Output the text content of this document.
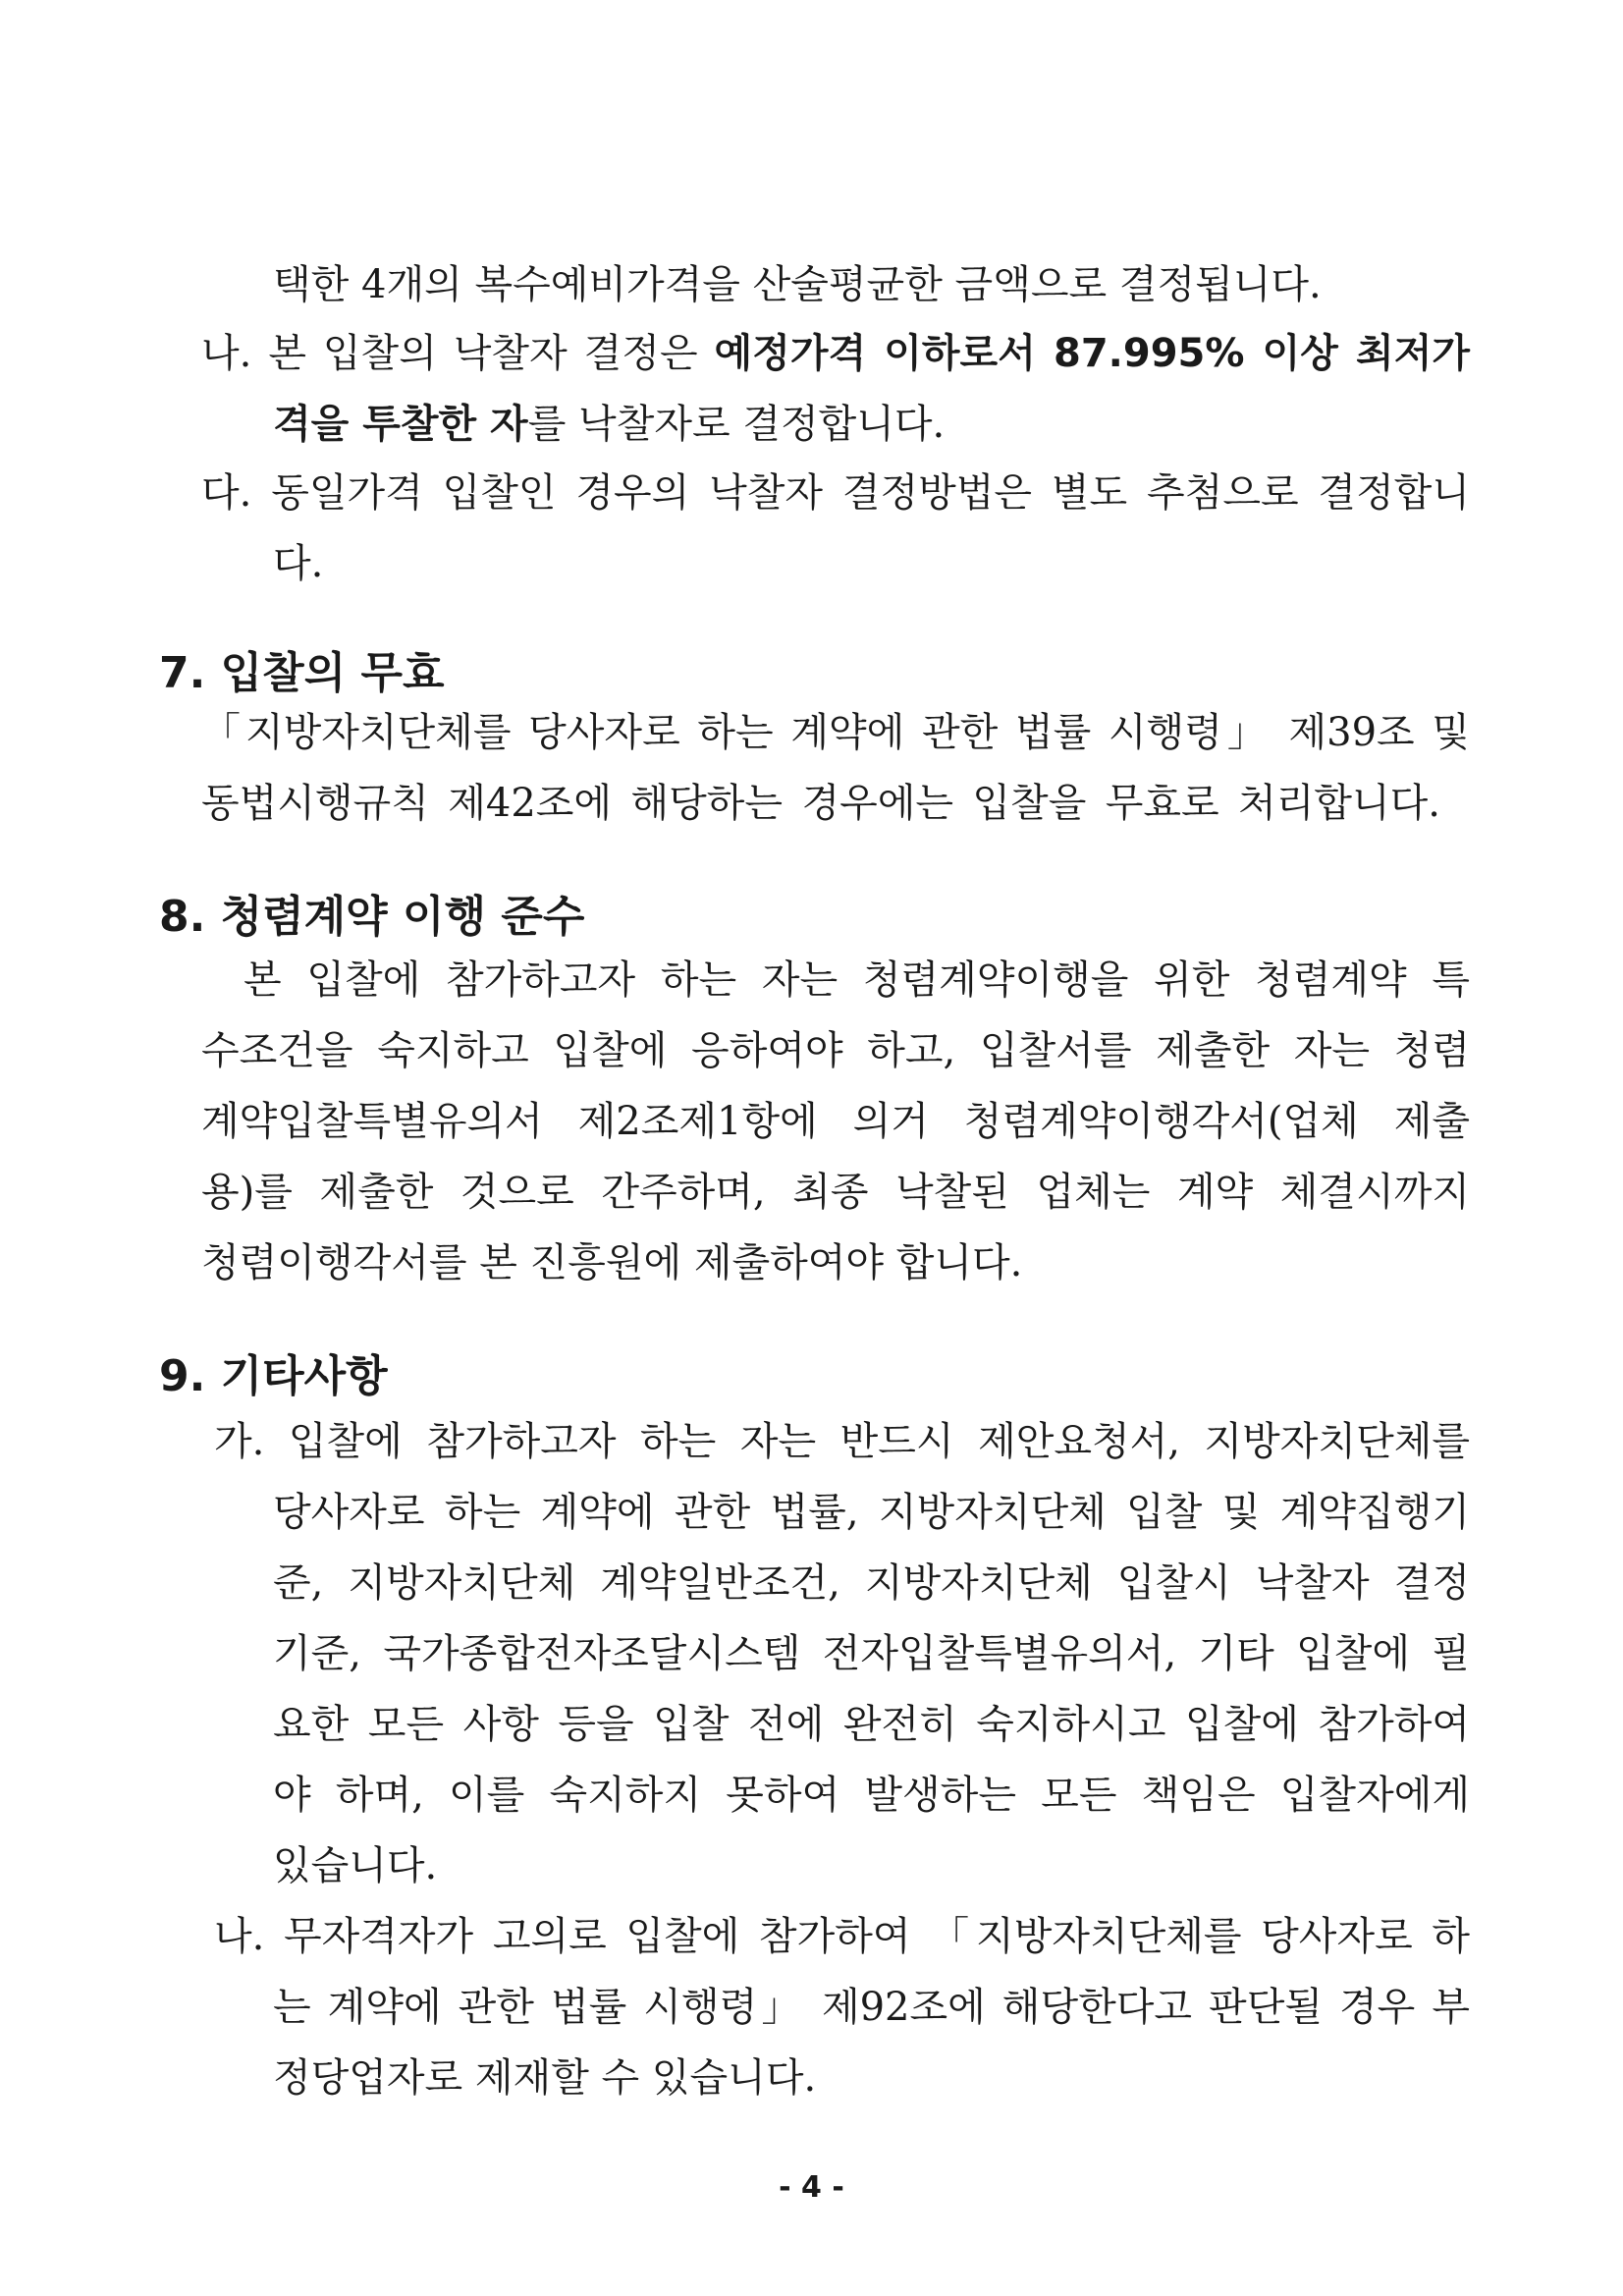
택한 4개의 복수예비가격을 산술평균한 금액으로 결정됩니다.

나. 본 입찰의 낙찰자 결정은 예정가격 이하로서 87.995% 이상 최저가

격을 투찰한 자를 낙찰자로 결정합니다.

다. 동일가격 입찰인 경우의 낙찰자 결정방법은 별도 추첨으로 결정합니

다.

7. 입찰의 무효

「지방자치단체를 당사자로 하는 계약에 관한 법률 시행령」 제39조 및

동법시행규칙 제42조에 해당하는 경우에는 입찰을 무효로 처리합니다.

8. 청렴계약 이행 준수

본 입찰에 참가하고자 하는 자는 청렴계약이행을 위한 청렴계약 특

수조건을 숙지하고 입찰에 응하여야 하고, 입찰서를 제출한 자는 청렴

계약입찰특별유의서 제2조제1항에 의거 청렴계약이행각서(업체 제출

용)를 제출한 것으로 간주하며, 최종 낙찰된 업체는 계약 체결시까지

청렴이행각서를 본 진흥원에 제출하여야 합니다.

9. 기타사항

가. 입찰에 참가하고자 하는 자는 반드시 제안요청서, 지방자치단체를

당사자로 하는 계약에 관한 법률, 지방자치단체 입찰 및 계약집행기

준, 지방자치단체 계약일반조건, 지방자치단체 입찰시 낙찰자 결정

기준, 국가종합전자조달시스템 전자입찰특별유의서, 기타 입찰에 필

요한 모든 사항 등을 입찰 전에 완전히 숙지하시고 입찰에 참가하여

야 하며, 이를 숙지하지 못하여 발생하는 모든 책임은 입찰자에게

있습니다.

나. 무자격자가 고의로 입찰에 참가하여 「지방자치단체를 당사자로 하

는 계약에 관한 법률 시행령」 제92조에 해당한다고 판단될 경우 부

정당업자로 제재할 수 있습니다.

- 4 -
